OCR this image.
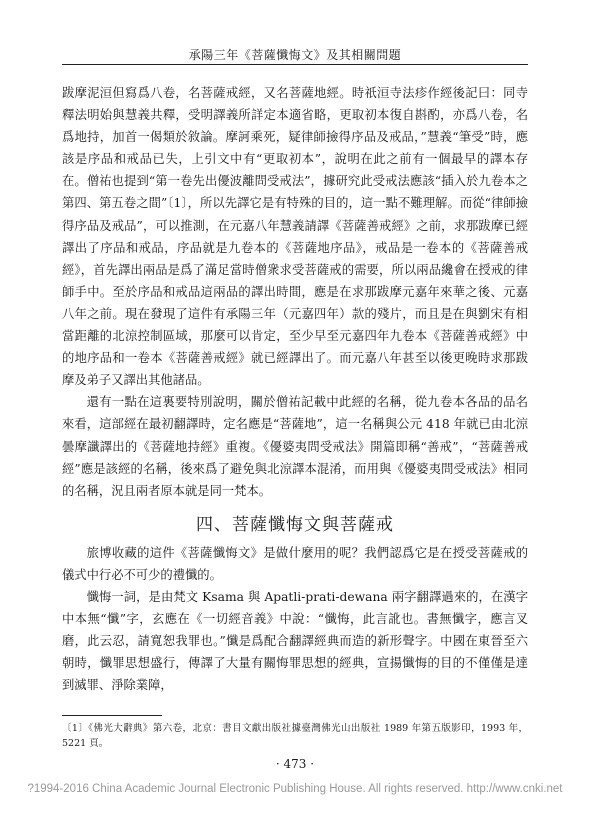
承陽三年《菩薩懺悔文》及其相關問題

跋摩泥洹但寫爲八卷，名菩薩戒經，又名菩薩地經。時祇洹寺法疹作經後記曰：同寺釋法明始與慧義共釋，受明譯義所詳定本適省略，更取初本復自斟酌，亦爲八卷，名爲地持，加首一偈類於敘論。摩訶乘死，疑律師撿得序品及戒品，”慧義“筆受”時，應該是序品和戒品已失，上引文中有“更取初本”，說明在此之前有一個最早的譯本存在。僧祐也提到“第一卷先出優波離問受戒法”，據研究此受戒法應該“插入於九卷本之第四、第五卷之間”〔1〕，所以先譯它是有特殊的目的，這一點不難理解。而從“律師撿得序品及戒品”，可以推測，在元嘉八年慧義請譯《菩薩善戒經》之前，求那跋摩已經譯出了序品和戒品，序品就是九卷本的《菩薩地序品》，戒品是一卷本的《菩薩善戒經》，首先譯出兩品是爲了滿足當時僧衆求受菩薩戒的需要，所以兩品纔會在授戒的律師手中。至於序品和戒品這兩品的譯出時間，應是在求那跋摩元嘉年來華之後、元嘉八年之前。現在發現了這件有承陽三年（元嘉四年）款的殘片，而且是在與劉宋有相當距離的北涼控制區域，那麼可以肯定，至少早至元嘉四年九卷本《菩薩善戒經》中的地序品和一卷本《菩薩善戒經》就已經譯出了。而元嘉八年甚至以後更晚時求那跋摩及弟子又譯出其他諸品。

還有一點在這裏要特別說明，關於僧祐記載中此經的名稱，從九卷本各品的品名來看，這部經在最初翻譯時，定名應是“菩薩地”，這一名稱與公元 418 年就已由北涼曇摩讖譯出的《菩薩地持經》重複。《優婆夷問受戒法》開篇即稱“善戒”，“菩薩善戒經”應是該經的名稱，後來爲了避免與北涼譯本混淆，而用與《優婆夷問受戒法》相同的名稱，況且兩者原本就是同一梵本。

四、菩薩懺悔文與菩薩戒

旅博收藏的這件《菩薩懺悔文》是做什麼用的呢？我們認爲它是在授受菩薩戒的儀式中行必不可少的禮懺的。

懺悔一詞，是由梵文 Ksama 與 Apatli-prati-dewana 兩字翻譯過來的，在漢字中本無“懺”字，玄應在《一切經音義》中說：“懺悔，此言訛也。書無懺字，應言叉磨，此云忍，請寬恕我罪也。”懺是爲配合翻譯經典而造的新形聲字。中國在東晉至六朝時，懺罪思想盛行，傳譯了大量有關悔罪思想的經典，宣揚懺悔的目的不僅僅是達到滅罪、淨除業障，

〔1〕《佛光大辭典》第六卷，北京：書目文獻出版社據臺灣佛光山出版社 1989 年第五版影印，1993 年，5221 頁。
· 473 ·
?1994-2016 China Academic Journal Electronic Publishing House. All rights reserved. http://www.cnki.net
